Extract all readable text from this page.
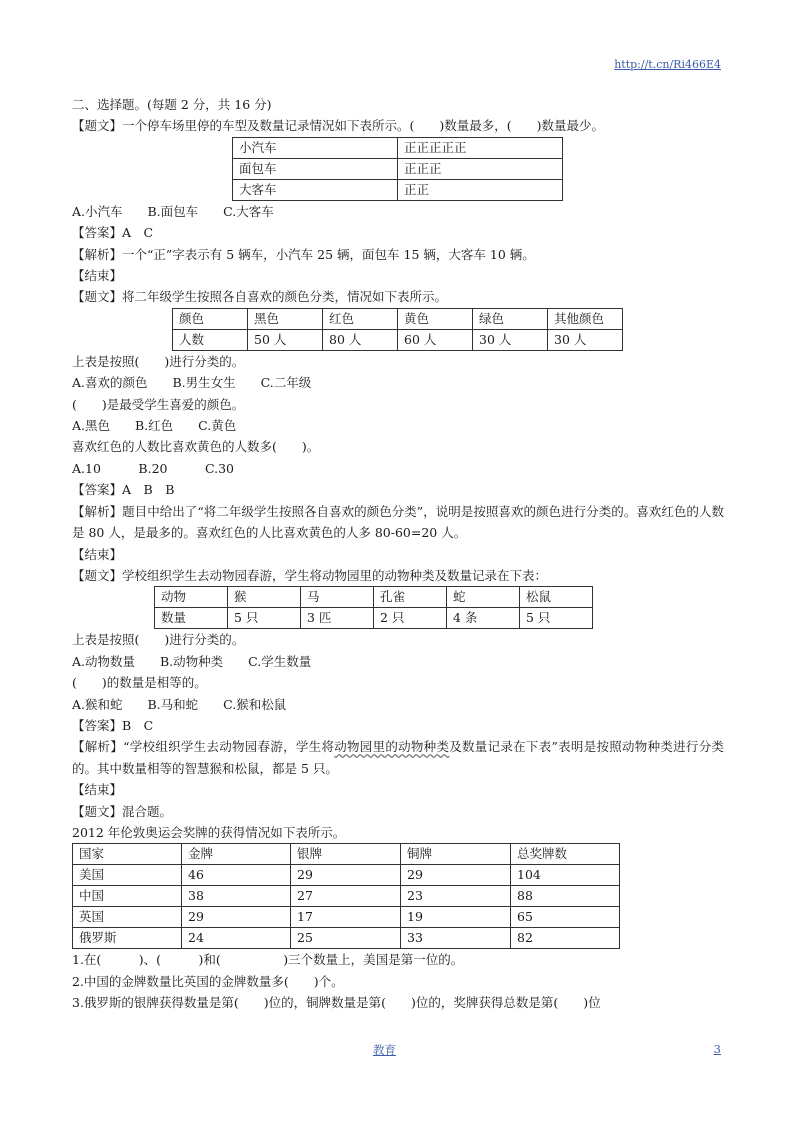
http://t.cn/Ri466E4
二、选择题。(每题 2 分，共 16 分)
【题文】一个停车场里停的车型及数量记录情况如下表所示。(　　)数量最多，(　　)数量最少。
小汽车	正正正正正
面包车	正正正
大客车	正正
A.小汽车　　B.面包车　　C.大客车
【答案】A　C
【解析】一个“正”字表示有 5 辆车，小汽车 25 辆，面包车 15 辆，大客车 10 辆。
【结束】
【题文】将二年级学生按照各自喜欢的颜色分类，情况如下表所示。
颜色	黑色	红色	黄色	绿色	其他颜色
人数	50 人	80 人	60 人	30 人	30 人
上表是按照(　　)进行分类的。
A.喜欢的颜色　　B.男生女生　　C.二年级
(　　)是最受学生喜爱的颜色。
A.黑色　　B.红色　　C.黄色
喜欢红色的人数比喜欢黄色的人数多(　　)。
A.10　　　B.20　　　C.30
【答案】A　B　B
【解析】题目中给出了“将二年级学生按照各自喜欢的颜色分类”，说明是按照喜欢的颜色进行分类的。喜欢红色的人数是 80 人，是最多的。喜欢红色的人比喜欢黄色的人多 80-60=20 人。
【结束】
【题文】学校组织学生去动物园春游，学生将动物园里的动物种类及数量记录在下表：
动物	猴	马	孔雀	蛇	松鼠
数量	5 只	3 匹	2 只	4 条	5 只
上表是按照(　　)进行分类的。
A.动物数量　　B.动物种类　　C.学生数量
(　　)的数量是相等的。
A.猴和蛇　　B.马和蛇　　C.猴和松鼠
【答案】B　C
【解析】“学校组织学生去动物园春游，学生将动物园里的动物种类及数量记录在下表”表明是按照动物种类进行分类的。其中数量相等的智慧猴和松鼠，都是 5 只。
【结束】
【题文】混合题。
2012 年伦敦奥运会奖牌的获得情况如下表所示。
国家	金牌	银牌	铜牌	总奖牌数
美国	46	29	29	104
中国	38	27	23	88
英国	29	17	19	65
俄罗斯	24	25	33	82
1.在(　　　)、(　　　)和(　　　　　)三个数量上，美国是第一位的。
2.中国的金牌数量比英国的金牌数量多(　　)个。
3.俄罗斯的银牌获得数量是第(　　)位的，铜牌数量是第(　　)位的，奖牌获得总数是第(　　)位
教育	3
